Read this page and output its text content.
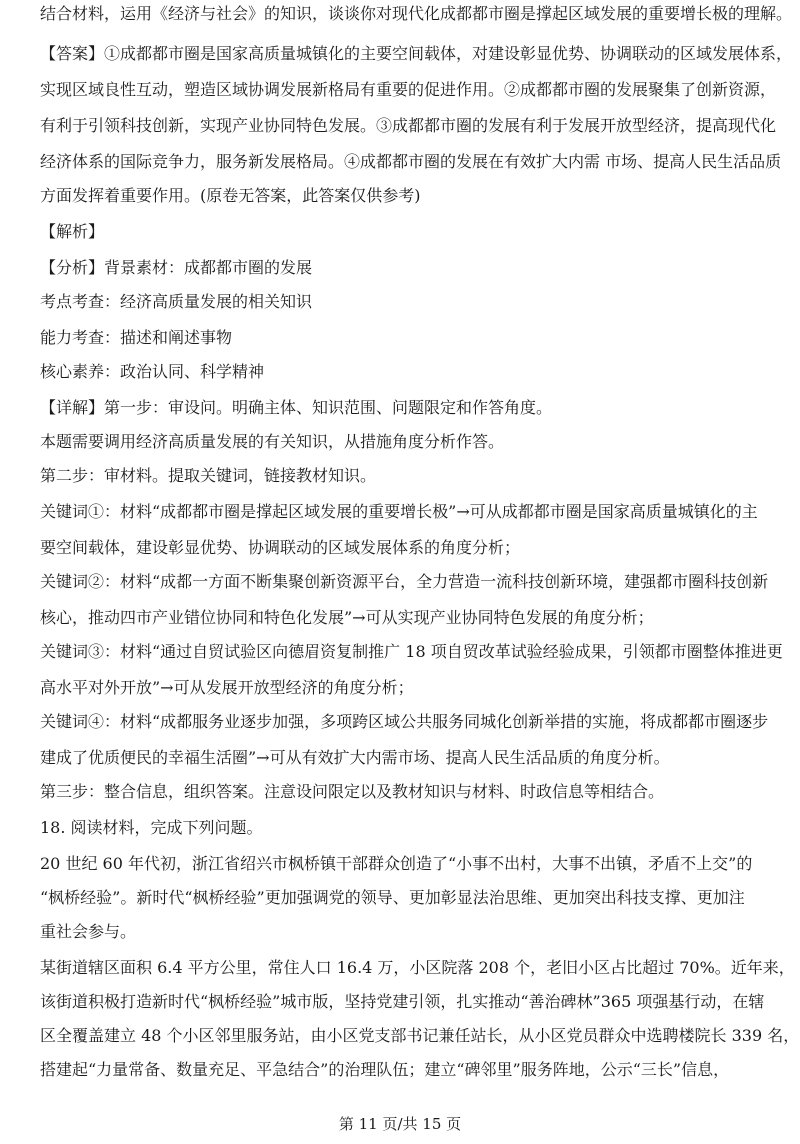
结合材料，运用《经济与社会》的知识，谈谈你对现代化成都都市圈是撑起区域发展的重要增长极的理解。
【答案】①成都都市圈是国家高质量城镇化的主要空间载体，对建设彰显优势、协调联动的区域发展体系，
实现区域良性互动，塑造区域协调发展新格局有重要的促进作用。②成都都市圈的发展聚集了创新资源，
有利于引领科技创新，实现产业协同特色发展。③成都都市圈的发展有利于发展开放型经济，提高现代化
经济体系的国际竞争力，服务新发展格局。④成都都市圈的发展在有效扩大内需 市场、提高人民生活品质
方面发挥着重要作用。(原卷无答案，此答案仅供参考)
【解析】
【分析】背景素材：成都都市圈的发展
考点考查：经济高质量发展的相关知识
能力考查：描述和阐述事物
核心素养：政治认同、科学精神
【详解】第一步：审设问。明确主体、知识范围、问题限定和作答角度。
本题需要调用经济高质量发展的有关知识，从措施角度分析作答。
第二步：审材料。提取关键词，链接教材知识。
关键词①：材料“成都都市圈是撑起区域发展的重要增长极”→可从成都都市圈是国家高质量城镇化的主
要空间载体，建设彰显优势、协调联动的区域发展体系的角度分析；
关键词②：材料“成都一方面不断集聚创新资源平台，全力营造一流科技创新环境，建强都市圈科技创新
核心，推动四市产业错位协同和特色化发展”→可从实现产业协同特色发展的角度分析；
关键词③：材料“通过自贸试验区向德眉资复制推广 18 项自贸改革试验经验成果，引领都市圈整体推进更
高水平对外开放”→可从发展开放型经济的角度分析；
关键词④：材料“成都服务业逐步加强，多项跨区域公共服务同城化创新举措的实施，将成都都市圈逐步
建成了优质便民的幸福生活圈”→可从有效扩大内需市场、提高人民生活品质的角度分析。
第三步：整合信息，组织答案。注意设问限定以及教材知识与材料、时政信息等相结合。
18. 阅读材料，完成下列问题。
20 世纪 60 年代初，浙江省绍兴市枫桥镇干部群众创造了“小事不出村，大事不出镇，矛盾不上交”的
“枫桥经验”。新时代“枫桥经验”更加强调党的领导、更加彰显法治思维、更加突出科技支撑、更加注
重社会参与。
某街道辖区面积 6.4 平方公里，常住人口 16.4 万，小区院落 208 个，老旧小区占比超过 70%。近年来，
该街道积极打造新时代“枫桥经验”城市版，坚持党建引领，扎实推动“善治碑林”365 项强基行动，在辖
区全覆盖建立 48 个小区邻里服务站，由小区党支部书记兼任站长，从小区党员群众中选聘楼院长 339 名，
搭建起“力量常备、数量充足、平急结合”的治理队伍；建立“碑邻里”服务阵地，公示“三长”信息，
第 11 页/共 15 页
